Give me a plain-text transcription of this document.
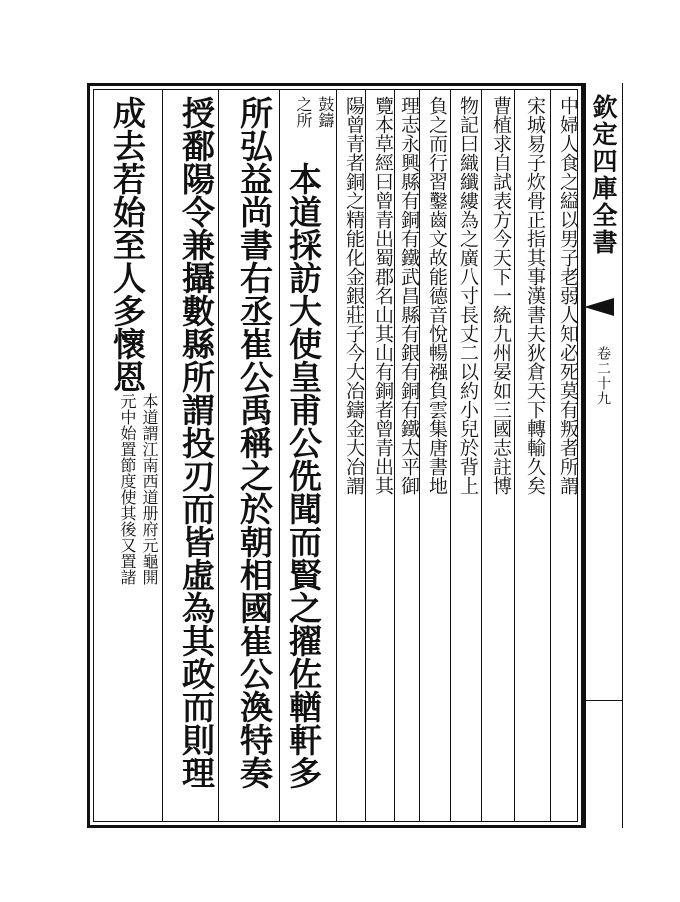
欽定四庫全書
卷二十九
中婦人食之縊以男子老弱人知必死莫有叛者所謂
宋城易子炊骨正指其事漢書夫狄倉天下轉輸久矣
曹植求自試表方今天下一統九州晏如三國志註博
物記曰織纖縷為之廣八寸長丈二以約小兒於背上
負之而行習鑿齒文故能德音悅暢襁負雲集唐書地
理志永興縣有銅有鐵武昌縣有銀有銅有鐵太平御
覽本草經曰曾青出蜀郡名山其山有銅者曾青出其
陽曾青者銅之精能化金銀莊子今大冶鑄金大冶謂
鼓鑄
之所
本道採訪大使皇甫公侁聞而賢之擢佐輶軒多
所弘益尚書右丞崔公禹稱之於朝相國崔公渙特奏
授鄱陽令兼攝數縣所謂投刃而皆虛為其政而則理
成去若始至人多懷恩
本道謂江南西道册府元龜開
元中始置節度使其後又置諸
